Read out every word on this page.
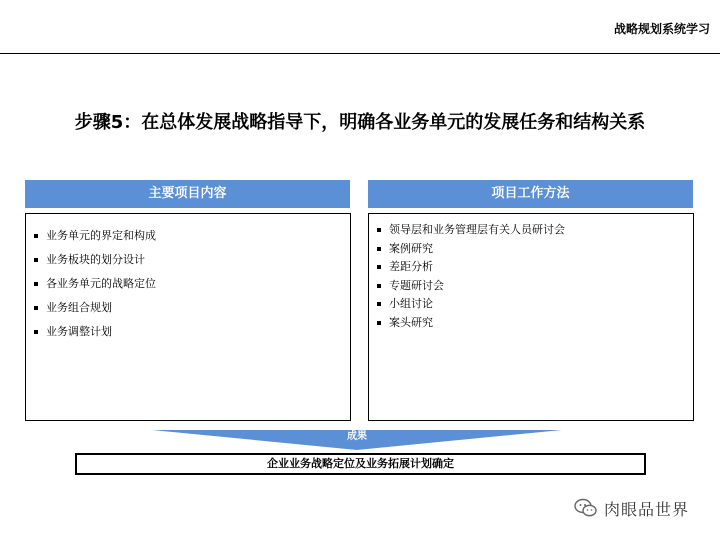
战略规划系统学习
步骤5：在总体发展战略指导下，明确各业务单元的发展任务和结构关系
主要项目内容
业务单元的界定和构成
业务板块的划分设计
各业务单元的战略定位
业务组合规划
业务调整计划
项目工作方法
领导层和业务管理层有关人员研讨会
案例研究
差距分析
专题研讨会
小组讨论
案头研究
成果
企业业务战略定位及业务拓展计划确定
肉眼品世界
